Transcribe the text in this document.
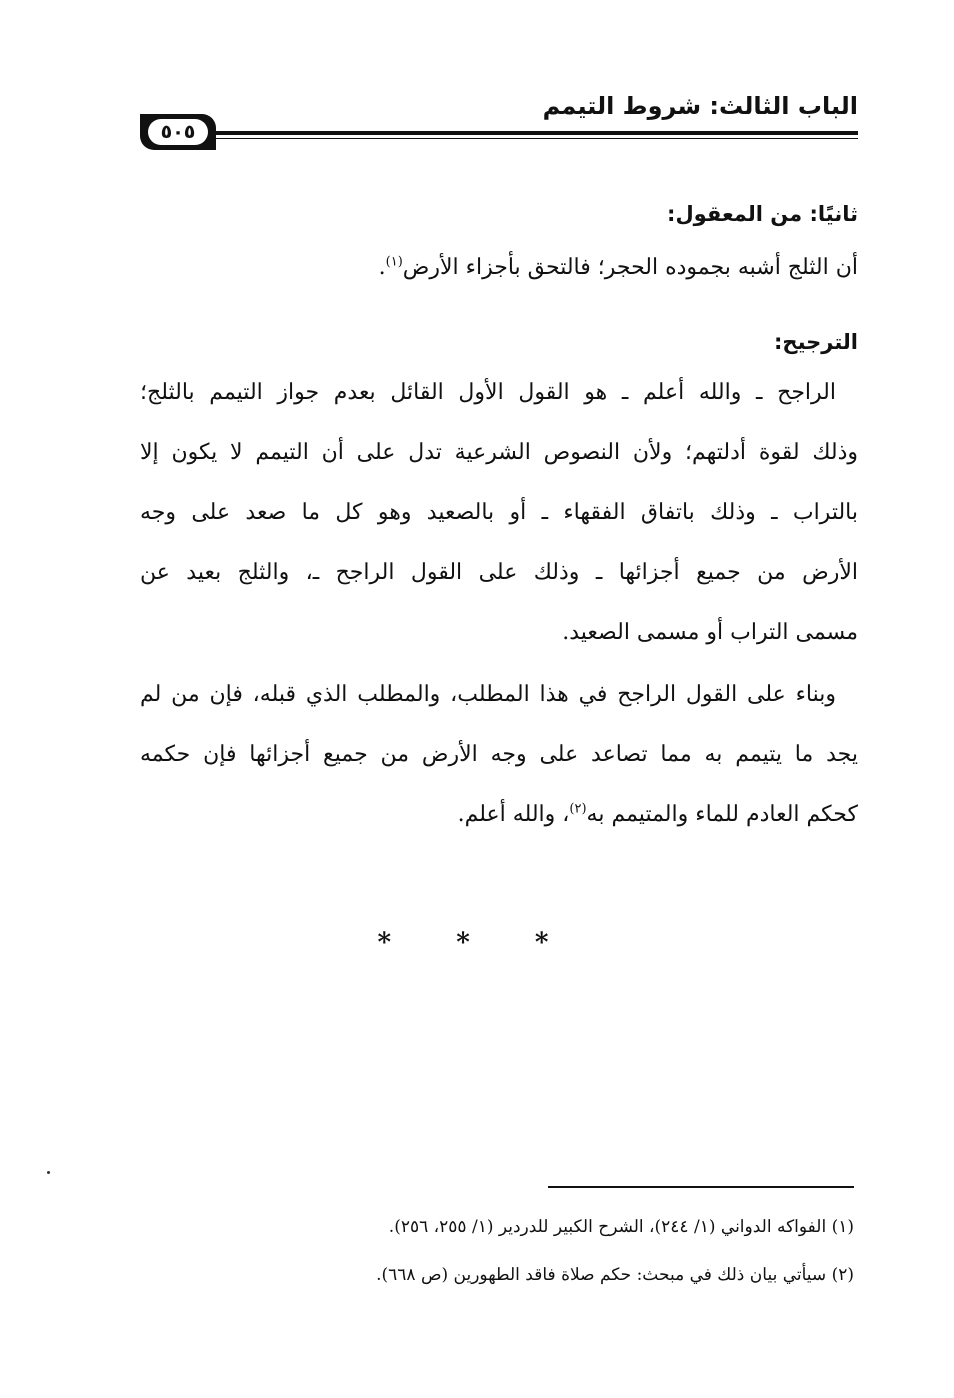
الباب الثالث: شروط التيمم
٥٠٥
ثانيًا: من المعقول:
أن الثلج أشبه بجموده الحجر؛ فالتحق بأجزاء الأرض$^{(١)}$.
الترجيح:
الراجح ـ والله أعلم ـ هو القول الأول القائل بعدم جواز التيمم بالثلج؛
وذلك لقوة أدلتهم؛ ولأن النصوص الشرعية تدل على أن التيمم لا يكون إلا
بالتراب ـ وذلك باتفاق الفقهاء ـ أو بالصعيد وهو كل ما صعد على وجه
الأرض من جميع أجزائها ـ وذلك على القول الراجح ـ، والثلج بعيد عن
مسمى التراب أو مسمى الصعيد.
وبناء على القول الراجح في هذا المطلب، والمطلب الذي قبله، فإن من لم
يجد ما يتيمم به مما تصاعد على وجه الأرض من جميع أجزائها فإن حكمه
كحكم العادم للماء والمتيمم به$^{(٢)}$، والله أعلم.
* * *
(١) الفواكه الدواني (١/ ٢٤٤)، الشرح الكبير للدردير (١/ ٢٥٥، ٢٥٦).
(٢) سيأتي بيان ذلك في مبحث: حكم صلاة فاقد الطهورين (ص ٦٦٨).
